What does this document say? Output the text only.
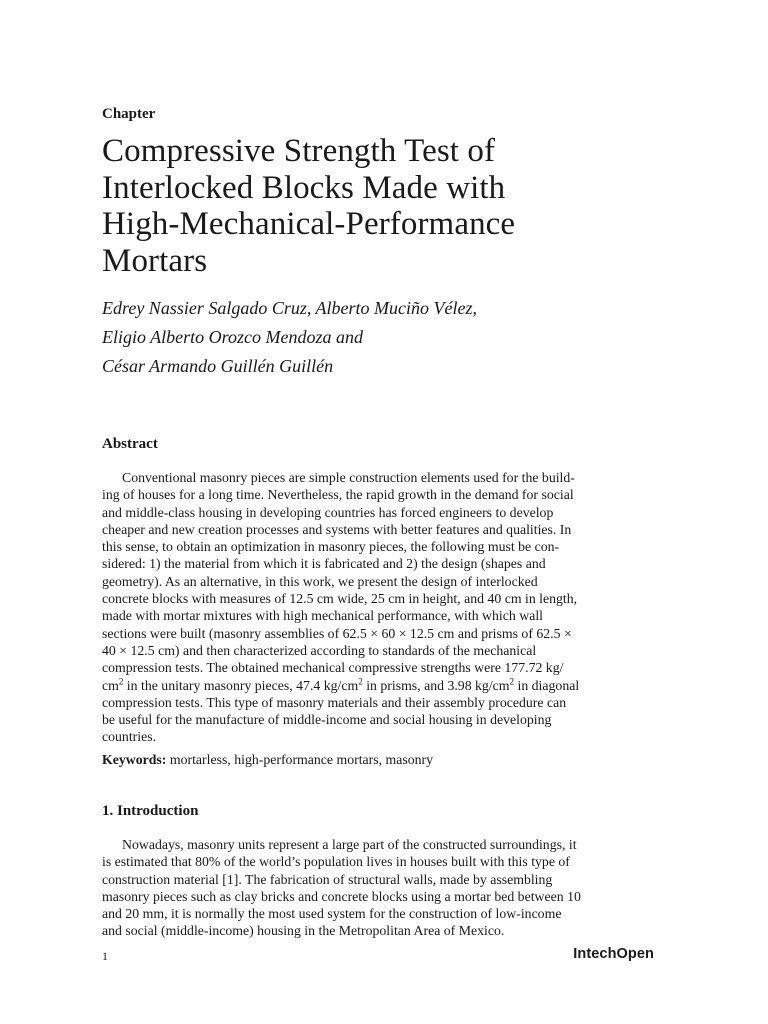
Chapter
Compressive Strength Test of
Interlocked Blocks Made with
High-Mechanical-Performance
Mortars
Edrey Nassier Salgado Cruz, Alberto Muciño Vélez,
Eligio Alberto Orozco Mendoza and
César Armando Guillén Guillén
Abstract
Conventional masonry pieces are simple construction elements used for the build-
ing of houses for a long time. Nevertheless, the rapid growth in the demand for social
and middle-class housing in developing countries has forced engineers to develop
cheaper and new creation processes and systems with better features and qualities. In
this sense, to obtain an optimization in masonry pieces, the following must be con-
sidered: 1) the material from which it is fabricated and 2) the design (shapes and
geometry). As an alternative, in this work, we present the design of interlocked
concrete blocks with measures of 12.5 cm wide, 25 cm in height, and 40 cm in length,
made with mortar mixtures with high mechanical performance, with which wall
sections were built (masonry assemblies of 62.5 × 60 × 12.5 cm and prisms of 62.5 ×
40 × 12.5 cm) and then characterized according to standards of the mechanical
compression tests. The obtained mechanical compressive strengths were 177.72 kg/
$cm^2$ in the unitary masonry pieces, 47.4 $kg/cm^2$ in prisms, and 3.98 $kg/cm^2$ in diagonal
compression tests. This type of masonry materials and their assembly procedure can
be useful for the manufacture of middle-income and social housing in developing
countries.
Keywords: mortarless, high-performance mortars, masonry
1. Introduction
Nowadays, masonry units represent a large part of the constructed surroundings, it
is estimated that 80% of the world’s population lives in houses built with this type of
construction material [1]. The fabrication of structural walls, made by assembling
masonry pieces such as clay bricks and concrete blocks using a mortar bed between 10
and 20 mm, it is normally the most used system for the construction of low-income
and social (middle-income) housing in the Metropolitan Area of Mexico.
1	IntechOpen
